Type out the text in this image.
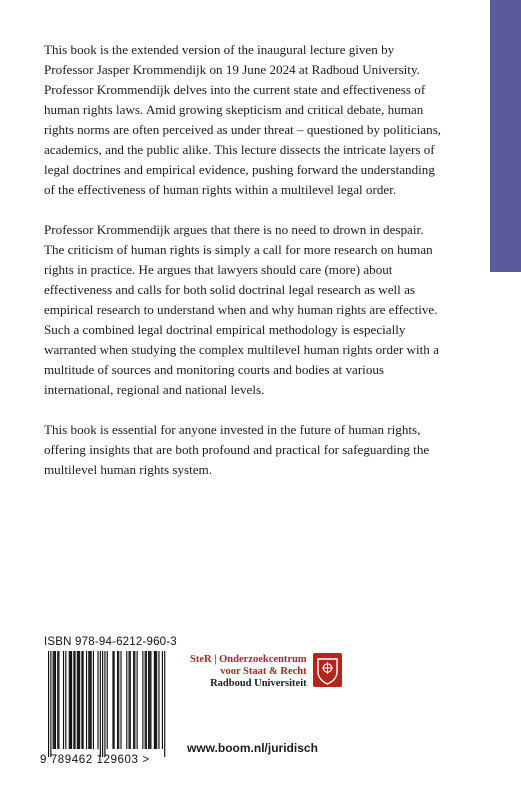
This book is the extended version of the inaugural lecture given by Professor Jasper Krommendijk on 19 June 2024 at Radboud University. Professor Krommendijk delves into the current state and effectiveness of human rights laws. Amid growing skepticism and critical debate, human rights norms are often perceived as under threat – questioned by politicians, academics, and the public alike. This lecture dissects the intricate layers of legal doctrines and empirical evidence, pushing forward the understanding of the effectiveness of human rights within a multilevel legal order.

Professor Krommendijk argues that there is no need to drown in despair. The criticism of human rights is simply a call for more research on human rights in practice. He argues that lawyers should care (more) about effectiveness and calls for both solid doctrinal legal research as well as empirical research to understand when and why human rights are effective. Such a combined legal doctrinal empirical methodology is especially warranted when studying the complex multilevel human rights order with a multitude of sources and monitoring courts and bodies at various international, regional and national levels.

This book is essential for anyone invested in the future of human rights, offering insights that are both profound and practical for safeguarding the multilevel human rights system.

ISBN 978-94-6212-960-3
9 789462 129603 >
SteR | Onderzoekcentrum
voor Staat & Recht
Radboud Universiteit
www.boom.nl/juridisch
